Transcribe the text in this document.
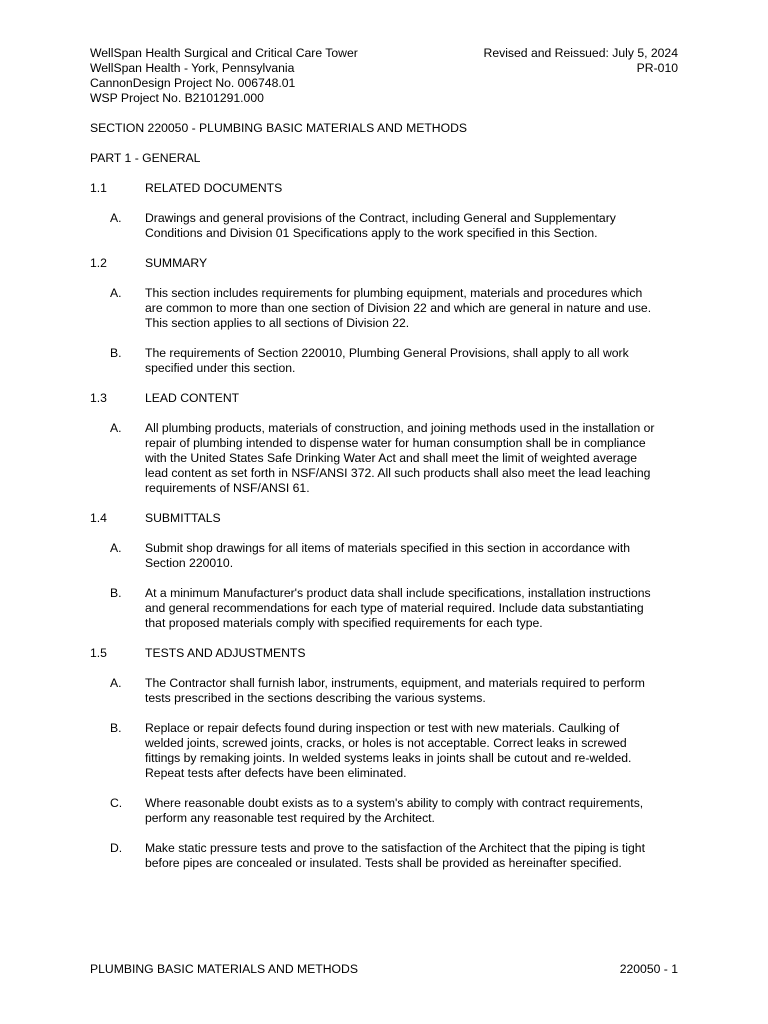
WellSpan Health Surgical and Critical Care Tower	Revised and Reissued: July 5, 2024
WellSpan Health - York, Pennsylvania	PR-010
CannonDesign Project No. 006748.01
WSP Project No. B2101291.000
SECTION 220050 - PLUMBING BASIC MATERIALS AND METHODS
PART 1 - GENERAL
1.1	RELATED DOCUMENTS
A.	Drawings and general provisions of the Contract, including General and Supplementary
Conditions and Division 01 Specifications apply to the work specified in this Section.
1.2	SUMMARY
A.	This section includes requirements for plumbing equipment, materials and procedures which
are common to more than one section of Division 22 and which are general in nature and use.
This section applies to all sections of Division 22.
B.	The requirements of Section 220010, Plumbing General Provisions, shall apply to all work
specified under this section.
1.3	LEAD CONTENT
A.	All plumbing products, materials of construction, and joining methods used in the installation or
repair of plumbing intended to dispense water for human consumption shall be in compliance
with the United States Safe Drinking Water Act and shall meet the limit of weighted average
lead content as set forth in NSF/ANSI 372. All such products shall also meet the lead leaching
requirements of NSF/ANSI 61.
1.4	SUBMITTALS
A.	Submit shop drawings for all items of materials specified in this section in accordance with
Section 220010.
B.	At a minimum Manufacturer's product data shall include specifications, installation instructions
and general recommendations for each type of material required. Include data substantiating
that proposed materials comply with specified requirements for each type.
1.5	TESTS AND ADJUSTMENTS
A.	The Contractor shall furnish labor, instruments, equipment, and materials required to perform
tests prescribed in the sections describing the various systems.
B.	Replace or repair defects found during inspection or test with new materials. Caulking of
welded joints, screwed joints, cracks, or holes is not acceptable. Correct leaks in screwed
fittings by remaking joints. In welded systems leaks in joints shall be cutout and re-welded.
Repeat tests after defects have been eliminated.
C.	Where reasonable doubt exists as to a system's ability to comply with contract requirements,
perform any reasonable test required by the Architect.
D.	Make static pressure tests and prove to the satisfaction of the Architect that the piping is tight
before pipes are concealed or insulated. Tests shall be provided as hereinafter specified.
PLUMBING BASIC MATERIALS AND METHODS	220050 - 1
